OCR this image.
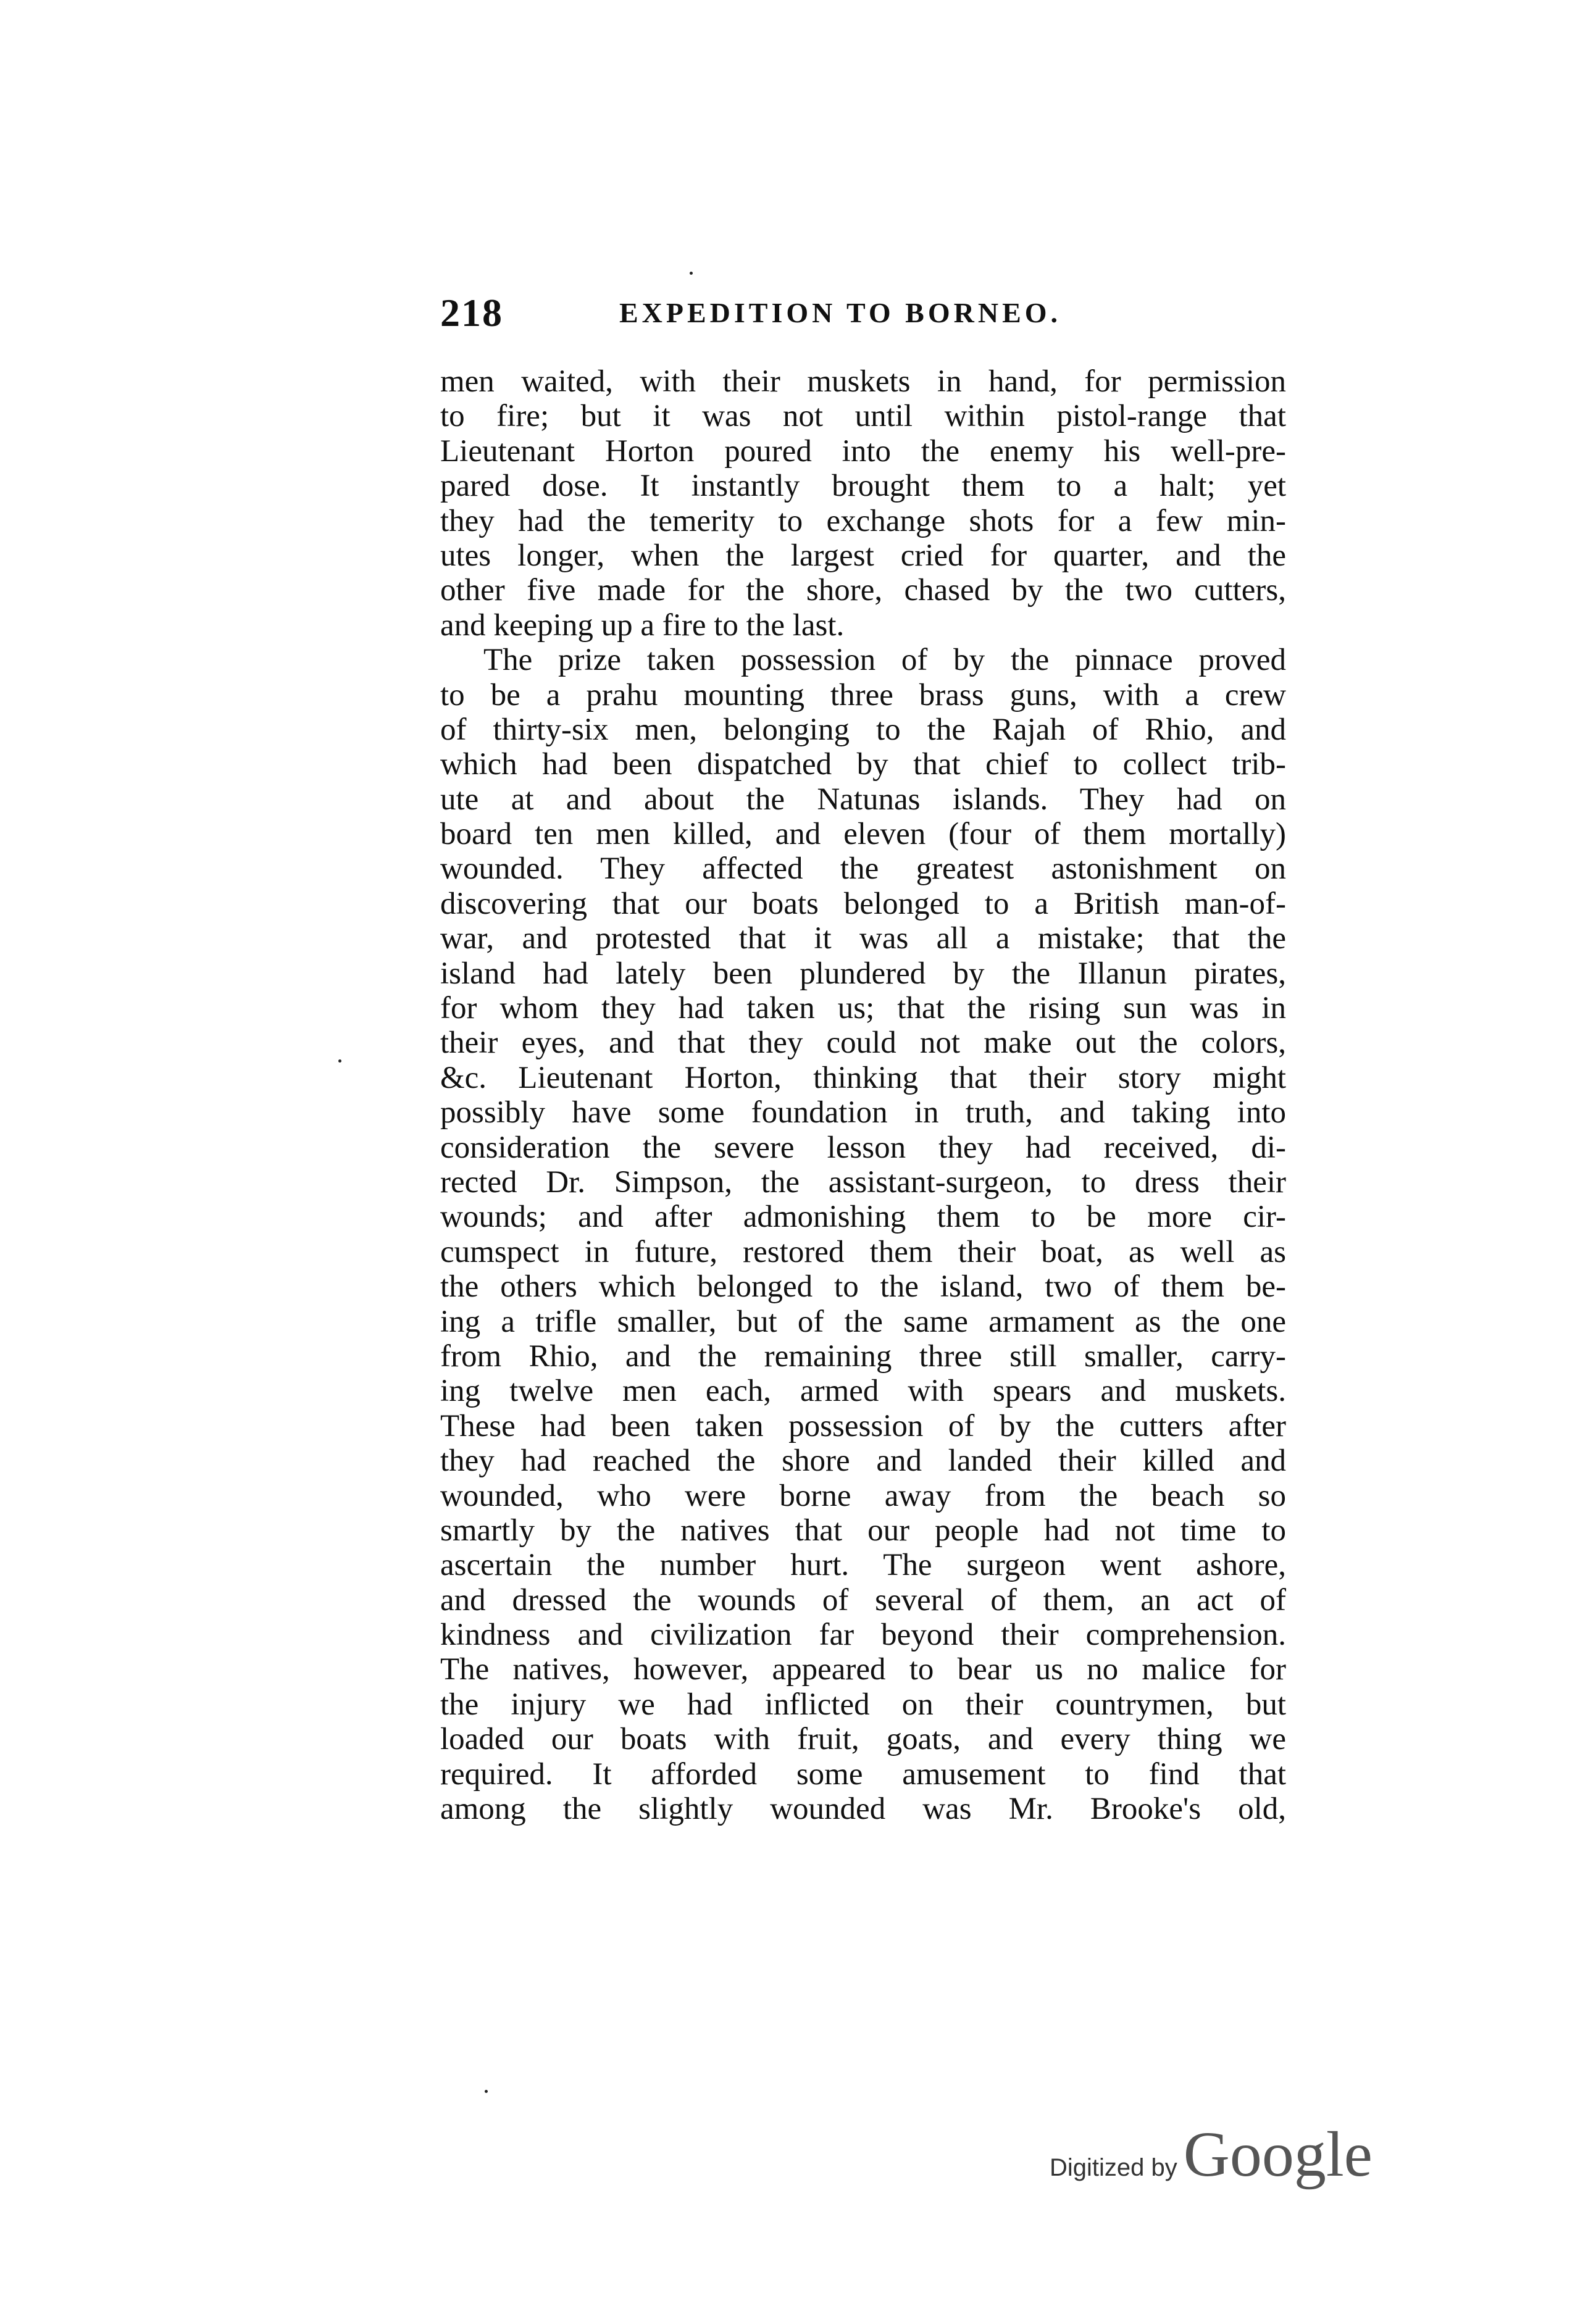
218	EXPEDITION TO BORNEO.
men waited, with their muskets in hand, for permission
to fire; but it was not until within pistol-range that
Lieutenant Horton poured into the enemy his well-pre-
pared dose. It instantly brought them to a halt; yet
they had the temerity to exchange shots for a few min-
utes longer, when the largest cried for quarter, and the
other five made for the shore, chased by the two cutters,
and keeping up a fire to the last.
The prize taken possession of by the pinnace proved
to be a prahu mounting three brass guns, with a crew
of thirty-six men, belonging to the Rajah of Rhio, and
which had been dispatched by that chief to collect trib-
ute at and about the Natunas islands. They had on
board ten men killed, and eleven (four of them mortally)
wounded. They affected the greatest astonishment on
discovering that our boats belonged to a British man-of-
war, and protested that it was all a mistake; that the
island had lately been plundered by the Illanun pirates,
for whom they had taken us; that the rising sun was in
their eyes, and that they could not make out the colors,
&c. Lieutenant Horton, thinking that their story might
possibly have some foundation in truth, and taking into
consideration the severe lesson they had received, di-
rected Dr. Simpson, the assistant-surgeon, to dress their
wounds; and after admonishing them to be more cir-
cumspect in future, restored them their boat, as well as
the others which belonged to the island, two of them be-
ing a trifle smaller, but of the same armament as the one
from Rhio, and the remaining three still smaller, carry-
ing twelve men each, armed with spears and muskets.
These had been taken possession of by the cutters after
they had reached the shore and landed their killed and
wounded, who were borne away from the beach so
smartly by the natives that our people had not time to
ascertain the number hurt. The surgeon went ashore,
and dressed the wounds of several of them, an act of
kindness and civilization far beyond their comprehension.
The natives, however, appeared to bear us no malice for
the injury we had inflicted on their countrymen, but
loaded our boats with fruit, goats, and every thing we
required. It afforded some amusement to find that
among the slightly wounded was Mr. Brooke's old,
Digitized by Google
